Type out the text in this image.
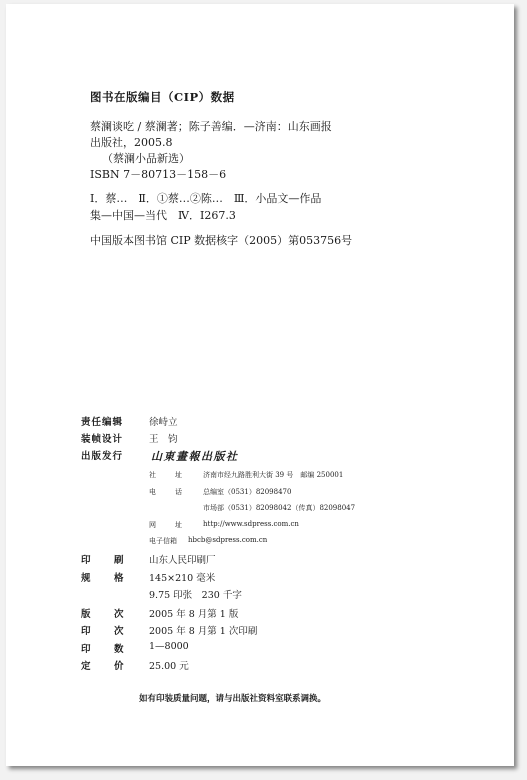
图书在版编目（CIP）数据
蔡澜谈吃 / 蔡澜著；陈子善编．—济南：山东画报
出版社，2005.8
（蔡澜小品新选）
ISBN 7－80713－158－6
Ⅰ．蔡…　Ⅱ．①蔡…②陈…　Ⅲ．小品文—作品
集—中国—当代　Ⅳ．I267.3
中国版本图书馆 CIP 数据核字（2005）第053756号
责任编辑	徐峙立
装帧设计	王　钧
出版发行	山東畫報出版社
社　址 济南市经九路胜利大街 39 号　邮编 250001
电　话 总编室（0531）82098470
市场部（0531）82098042（传真）82098047
网　址 http://www.sdpress.com.cn
电子信箱 hbcb@sdpress.com.cn
印　刷 山东人民印刷厂
规　格 145×210 毫米
9.75 印张　230 千字
版　次 2005 年 8 月第 1 版
印　次 2005 年 8 月第 1 次印刷
印　数 1—8000
定　价 25.00 元
如有印装质量问题，请与出版社资料室联系调换。
